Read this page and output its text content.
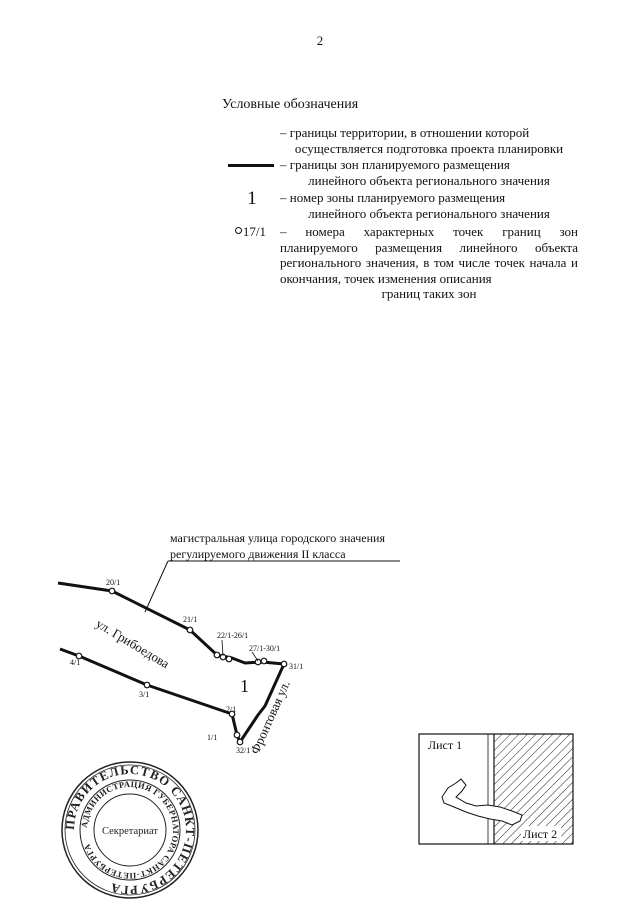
2
Условные обозначения
– границы территории, в отношении которой
осуществляется подготовка проекта планировки
– границы зон планируемого размещения
линейного объекта регионального значения
1	– номер зоны планируемого размещения
линейного объекта регионального значения
17/1 – номера характерных точек границ зон планируемого размещения линейного объекта регионального значения, в том числе точек начала и окончания, точек изменения описания
границ таких зон
магистральная улица городского значения
регулируемого движения II класса
1
ул. Грибоедова
Фронтовая ул.
20/1
21/1
22/1-26/1
27/1-30/1
31/1
32/1
1/1
2/1
3/1
4/1
ПРАВИТЕЛЬСТВО САНКТ-ПЕТЕРБУРГА
АДМИНИСТРАЦИЯ ГУБЕРНАТОРА САНКТ-ПЕТЕРБУРГА
Секретариат
Лист 1
Лист 2
